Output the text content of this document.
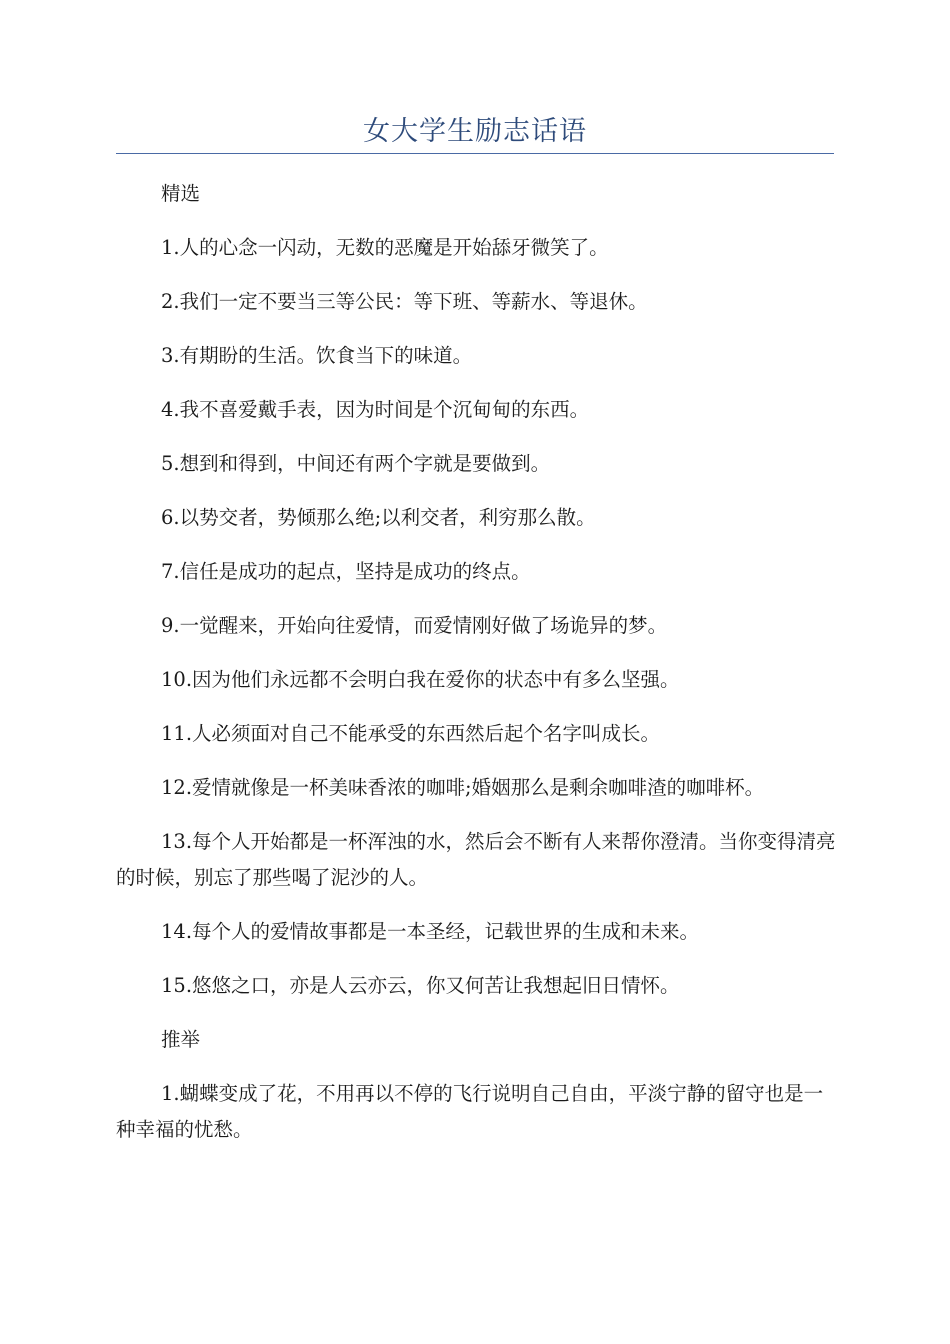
女大学生励志话语

精选

1.人的心念一闪动，无数的恶魔是开始舔牙微笑了。

2.我们一定不要当三等公民：等下班、等薪水、等退休。

3.有期盼的生活。饮食当下的味道。

4.我不喜爱戴手表，因为时间是个沉甸甸的东西。

5.想到和得到，中间还有两个字就是要做到。

6.以势交者，势倾那么绝;以利交者，利穷那么散。

7.信任是成功的起点，坚持是成功的终点。

9.一觉醒来，开始向往爱情，而爱情刚好做了场诡异的梦。

10.因为他们永远都不会明白我在爱你的状态中有多么坚强。

11.人必须面对自己不能承受的东西然后起个名字叫成长。

12.爱情就像是一杯美味香浓的咖啡;婚姻那么是剩余咖啡渣的咖啡杯。

13.每个人开始都是一杯浑浊的水，然后会不断有人来帮你澄清。当你变得清亮的时候，别忘了那些喝了泥沙的人。

14.每个人的爱情故事都是一本圣经，记载世界的生成和未来。

15.悠悠之口，亦是人云亦云，你又何苦让我想起旧日情怀。

推举

1.蝴蝶变成了花，不用再以不停的飞行说明自己自由，平淡宁静的留守也是一种幸福的忧愁。
